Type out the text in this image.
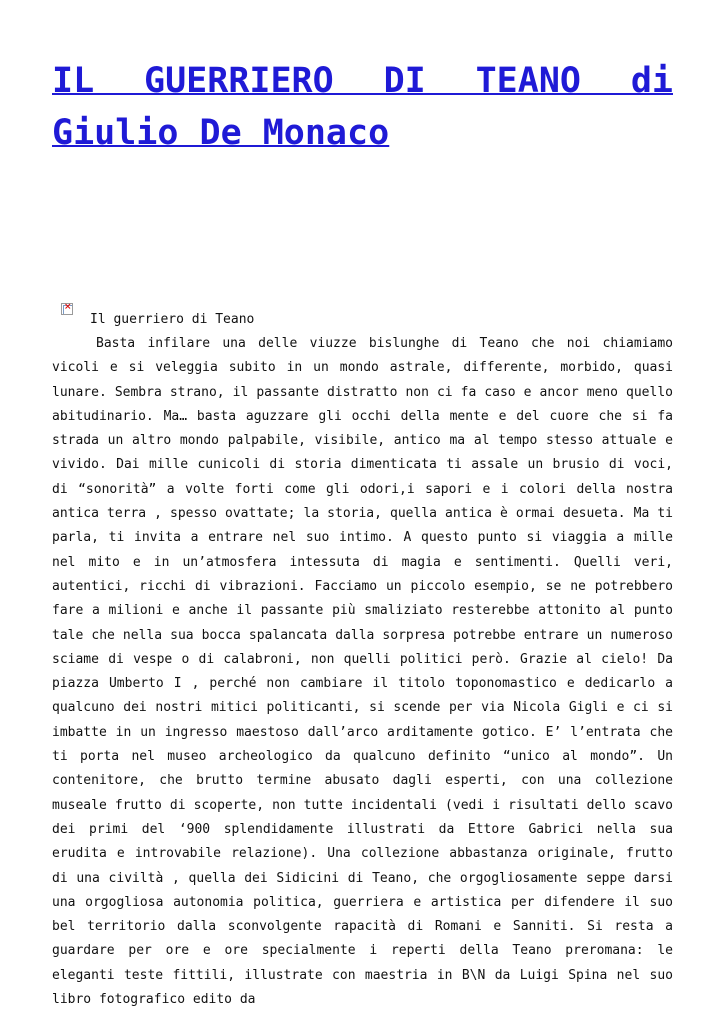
IL GUERRIERO DI TEANO di Giulio De Monaco
×
Il guerriero di Teano

Basta infilare una delle viuzze bislunghe di Teano che noi chiamiamo vicoli e si veleggia subito in un mondo astrale, differente, morbido, quasi lunare. Sembra strano, il passante distratto non ci fa caso e ancor meno quello abitudinario. Ma… basta aguzzare gli occhi della mente e del cuore che si fa strada un altro mondo palpabile, visibile, antico ma al tempo stesso attuale e vivido. Dai mille cunicoli di storia dimenticata ti assale un brusio di voci, di “sonorità” a volte forti come gli odori,i sapori e i colori della nostra antica terra , spesso ovattate; la storia, quella antica è ormai desueta. Ma ti parla, ti invita a entrare nel suo intimo. A questo punto si viaggia a mille nel mito e in un’atmosfera intessuta di magia e sentimenti. Quelli veri, autentici, ricchi di vibrazioni. Facciamo un piccolo esempio, se ne potrebbero fare a milioni e anche il passante più smaliziato resterebbe attonito al punto tale che nella sua bocca spalancata dalla sorpresa potrebbe entrare un numeroso sciame di vespe o di calabroni, non quelli politici però. Grazie al cielo! Da piazza Umberto I , perché non cambiare il titolo toponomastico e dedicarlo a qualcuno dei nostri mitici politicanti, si scende per via Nicola Gigli e ci si imbatte in un ingresso maestoso dall’arco arditamente gotico. E’ l’entrata che ti porta nel museo archeologico da qualcuno definito “unico al mondo”. Un contenitore, che brutto termine abusato dagli esperti, con una collezione museale frutto di scoperte, non tutte incidentali (vedi i risultati dello scavo dei primi del ‘900 splendidamente illustrati da Ettore Gabrici nella sua erudita e introvabile relazione). Una collezione abbastanza originale, frutto di una civiltà , quella dei Sidicini di Teano, che orgogliosamente seppe darsi una orgogliosa autonomia politica, guerriera e artistica per difendere il suo bel territorio dalla sconvolgente rapacità di Romani e Sanniti. Si resta a guardare per ore e ore specialmente i reperti della Teano preromana: le eleganti teste fittili, illustrate con maestria in B\N da Luigi Spina nel suo libro fotografico edito da
